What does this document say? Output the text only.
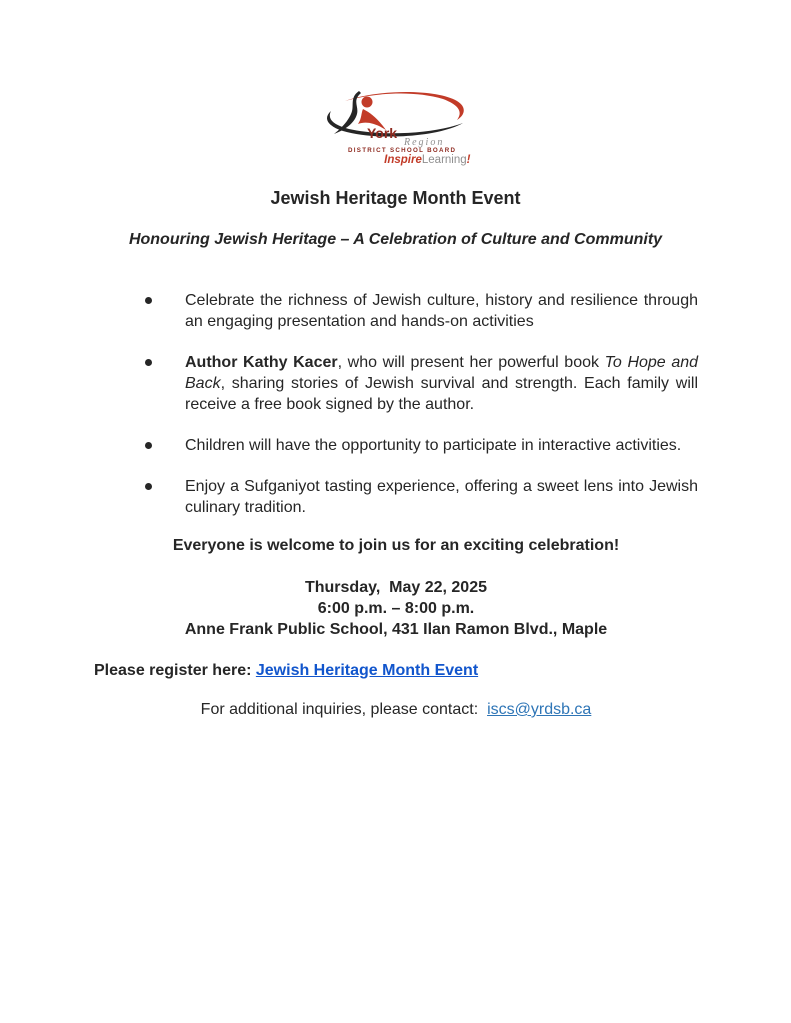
York
Region
DISTRICT SCHOOL BOARD
InspireLearning!
Jewish Heritage Month Event
Honouring Jewish Heritage – A Celebration of Culture and Community
Celebrate the richness of Jewish culture, history and resilience through an engaging presentation and hands-on activities
Author Kathy Kacer, who will present her powerful book To Hope and Back, sharing stories of Jewish survival and strength. Each family will receive a free book signed by the author.
Children will have the opportunity to participate in interactive activities.
Enjoy a Sufganiyot tasting experience, offering a sweet lens into Jewish culinary tradition.
Everyone is welcome to join us for an exciting celebration!
Thursday,  May 22, 2025
6:00 p.m. – 8:00 p.m.
Anne Frank Public School, 431 Ilan Ramon Blvd., Maple
Please register here: Jewish Heritage Month Event
For additional inquiries, please contact:  iscs@yrdsb.ca
